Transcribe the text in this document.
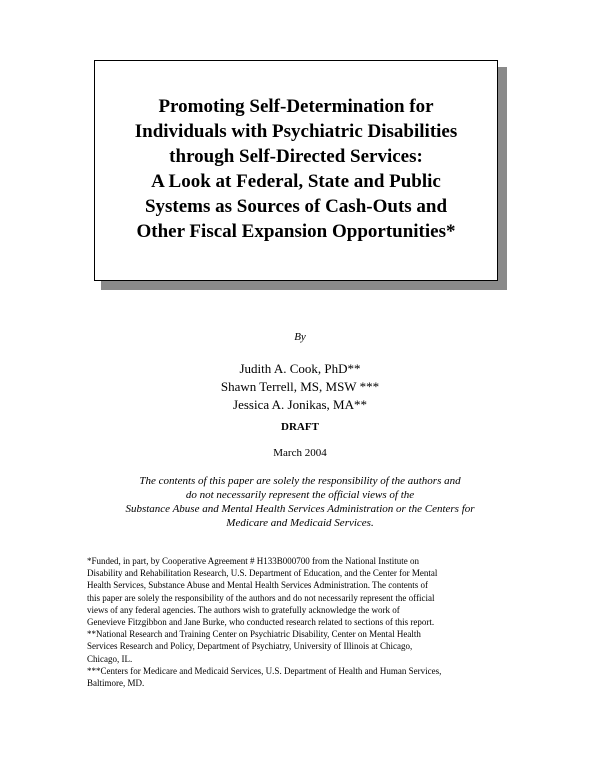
Promoting Self-Determination for
Individuals with Psychiatric Disabilities
through Self-Directed Services:
A Look at Federal, State and Public
Systems as Sources of Cash-Outs and
Other Fiscal Expansion Opportunities*
By
Judith A. Cook, PhD**
Shawn Terrell, MS, MSW ***
Jessica A. Jonikas, MA**
DRAFT
March 2004
The contents of this paper are solely the responsibility of the authors and
do not necessarily represent the official views of the
Substance Abuse and Mental Health Services Administration or the Centers for
Medicare and Medicaid Services.
*Funded, in part, by Cooperative Agreement # H133B000700 from the National Institute on
Disability and Rehabilitation Research, U.S. Department of Education, and the Center for Mental
Health Services, Substance Abuse and Mental Health Services Administration. The contents of
this paper are solely the responsibility of the authors and do not necessarily represent the official
views of any federal agencies. The authors wish to gratefully acknowledge the work of
Genevieve Fitzgibbon and Jane Burke, who conducted research related to sections of this report.
**National Research and Training Center on Psychiatric Disability, Center on Mental Health
Services Research and Policy, Department of Psychiatry, University of Illinois at Chicago,
Chicago, IL.
***Centers for Medicare and Medicaid Services, U.S. Department of Health and Human Services,
Baltimore, MD.
